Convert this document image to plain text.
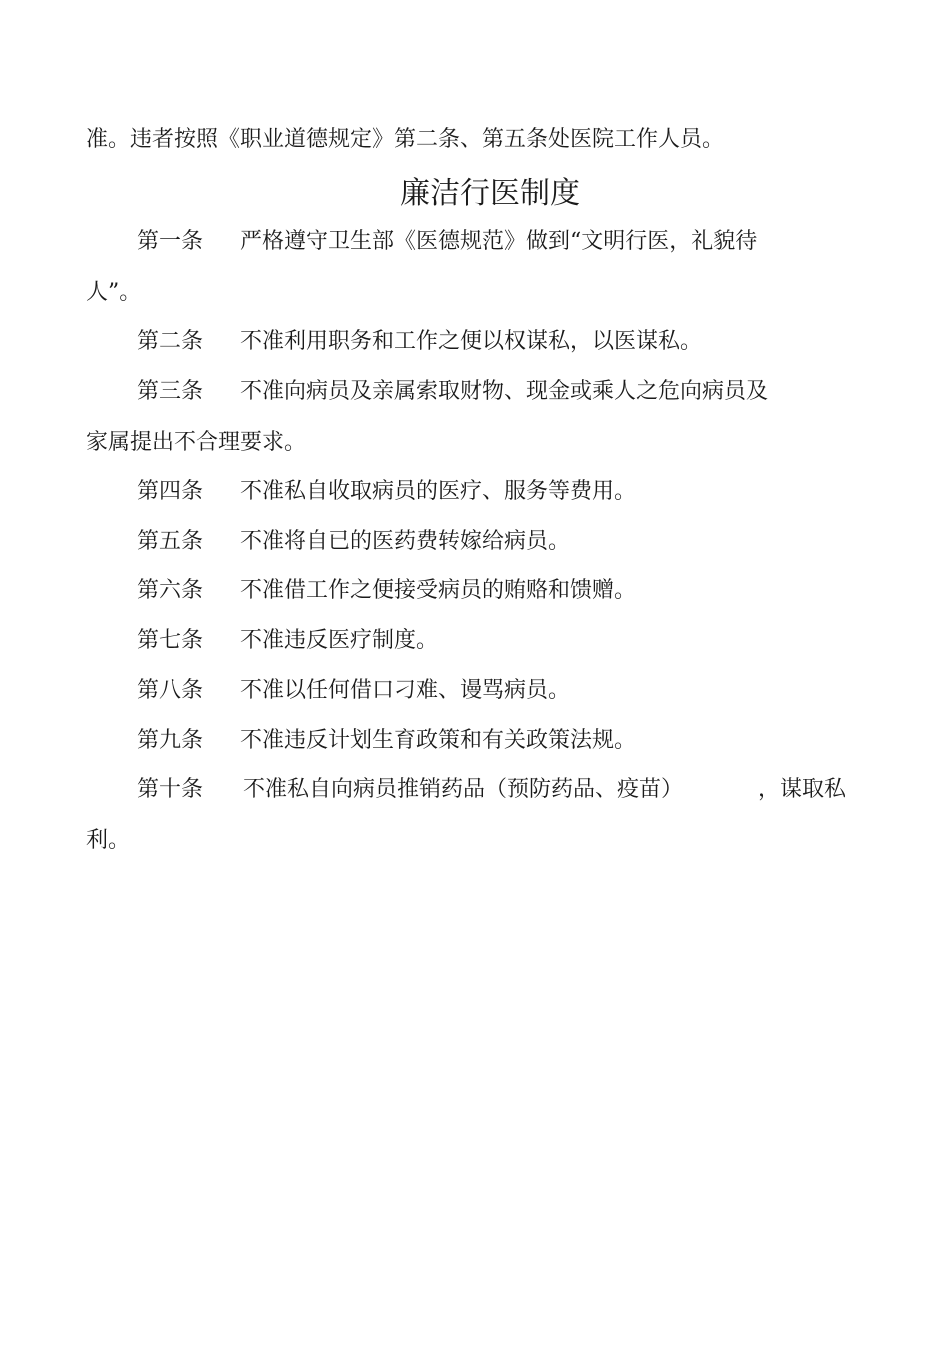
准。违者按照《职业道德规定》第二条、第五条处医院工作人员。
廉洁行医制度
第一条 严格遵守卫生部《医德规范》做到“文明行医，礼貌待
人”。
第二条 不准利用职务和工作之便以权谋私，以医谋私。
第三条 不准向病员及亲属索取财物、现金或乘人之危向病员及
家属提出不合理要求。
第四条 不准私自收取病员的医疗、服务等费用。
第五条 不准将自已的医药费转嫁给病员。
第六条 不准借工作之便接受病员的贿赂和馈赠。
第七条 不准违反医疗制度。
第八条 不准以任何借口刁难、谩骂病员。
第九条 不准违反计划生育政策和有关政策法规。
第十条 不准私自向病员推销药品（预防药品、疫苗）	，谋取私
利。
